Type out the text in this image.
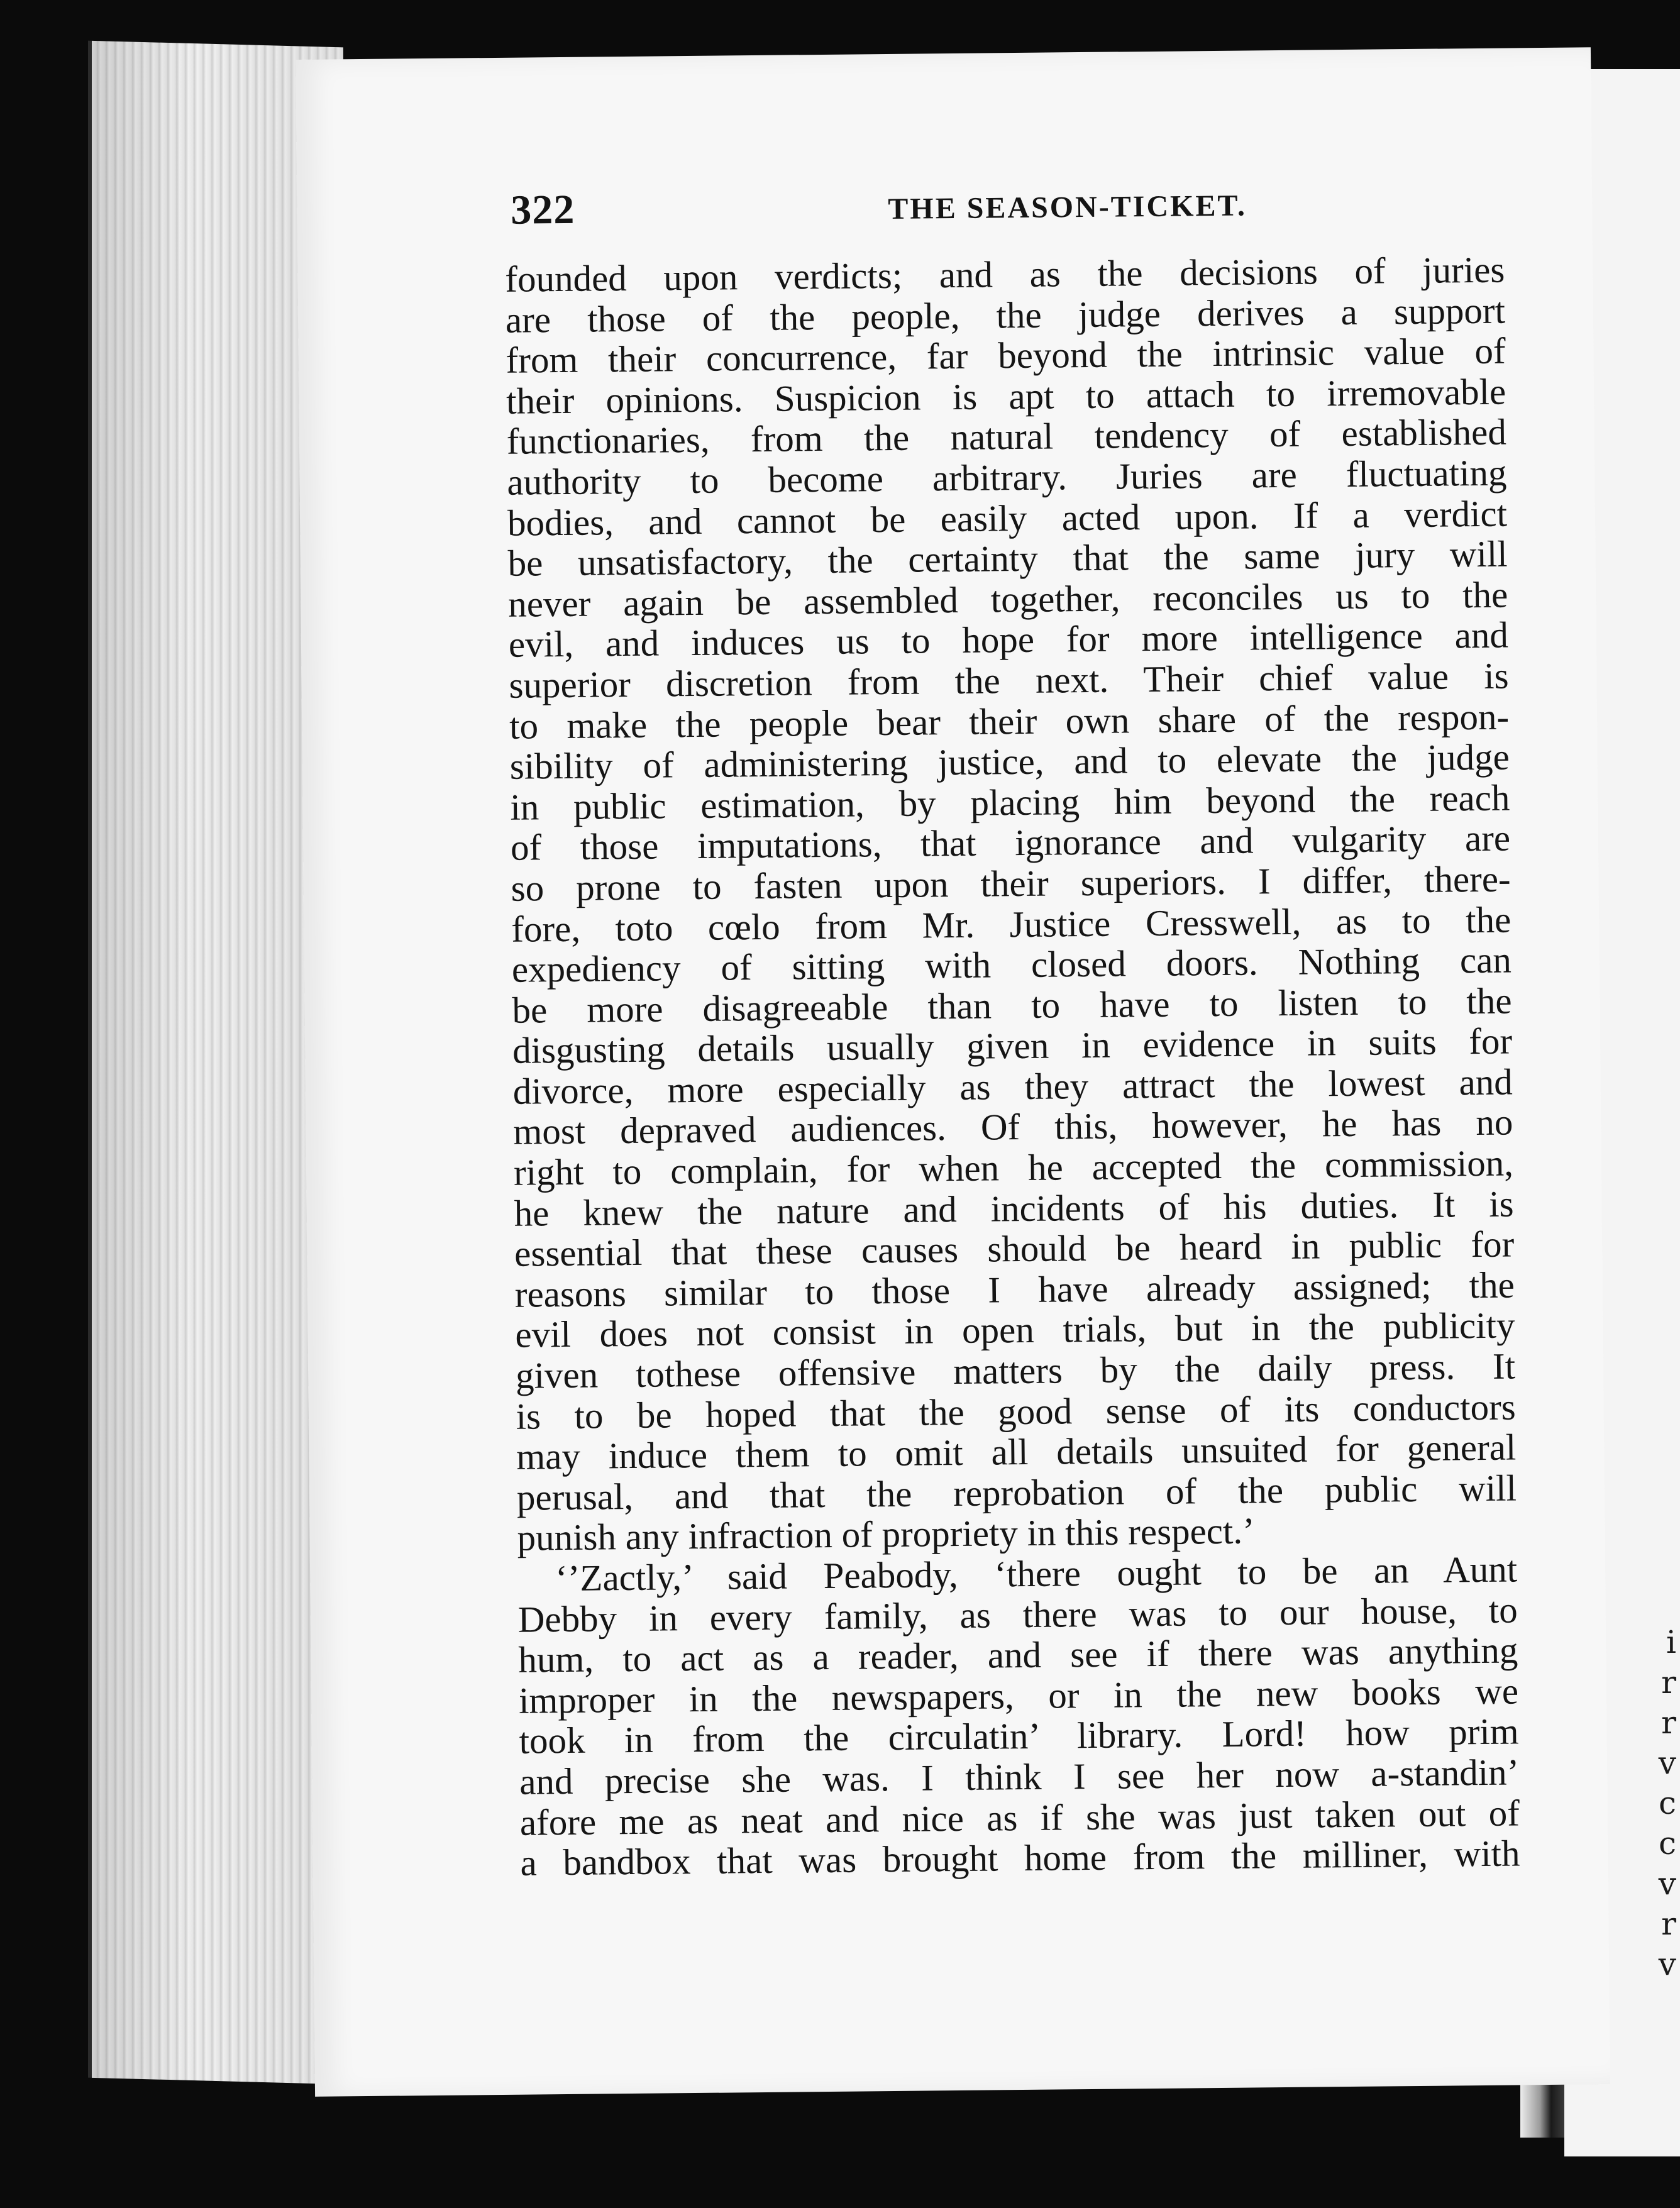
i
r
r
v
c
c
v
r
v
322	THE SEASON-TICKET.
founded upon verdicts; and as the decisions of juries
are those of the people, the judge derives a support
from their concurrence, far beyond the intrinsic value of
their opinions. Suspicion is apt to attach to irremovable
functionaries, from the natural tendency of established
authority to become arbitrary. Juries are fluctuating
bodies, and cannot be easily acted upon. If a verdict
be unsatisfactory, the certainty that the same jury will
never again be assembled together, reconciles us to the
evil, and induces us to hope for more intelligence and
superior discretion from the next. Their chief value is
to make the people bear their own share of the respon-
sibility of administering justice, and to elevate the judge
in public estimation, by placing him beyond the reach
of those imputations, that ignorance and vulgarity are
so prone to fasten upon their superiors. I differ, there-
fore, toto cœlo from Mr. Justice Cresswell, as to the
expediency of sitting with closed doors. Nothing can
be more disagreeable than to have to listen to the
disgusting details usually given in evidence in suits for
divorce, more especially as they attract the lowest and
most depraved audiences. Of this, however, he has no
right to complain, for when he accepted the commission,
he knew the nature and incidents of his duties. It is
essential that these causes should be heard in public for
reasons similar to those I have already assigned; the
evil does not consist in open trials, but in the publicity
given tothese offensive matters by the daily press. It
is to be hoped that the good sense of its conductors
may induce them to omit all details unsuited for general
perusal, and that the reprobation of the public will
punish any infraction of propriety in this respect.’
‘’Zactly,’ said Peabody, ‘there ought to be an Aunt
Debby in every family, as there was to our house, to
hum, to act as a reader, and see if there was anything
improper in the newspapers, or in the new books we
took in from the circulatin’ library. Lord! how prim
and precise she was. I think I see her now a-standin’
afore me as neat and nice as if she was just taken out of
a bandbox that was brought home from the milliner, with
